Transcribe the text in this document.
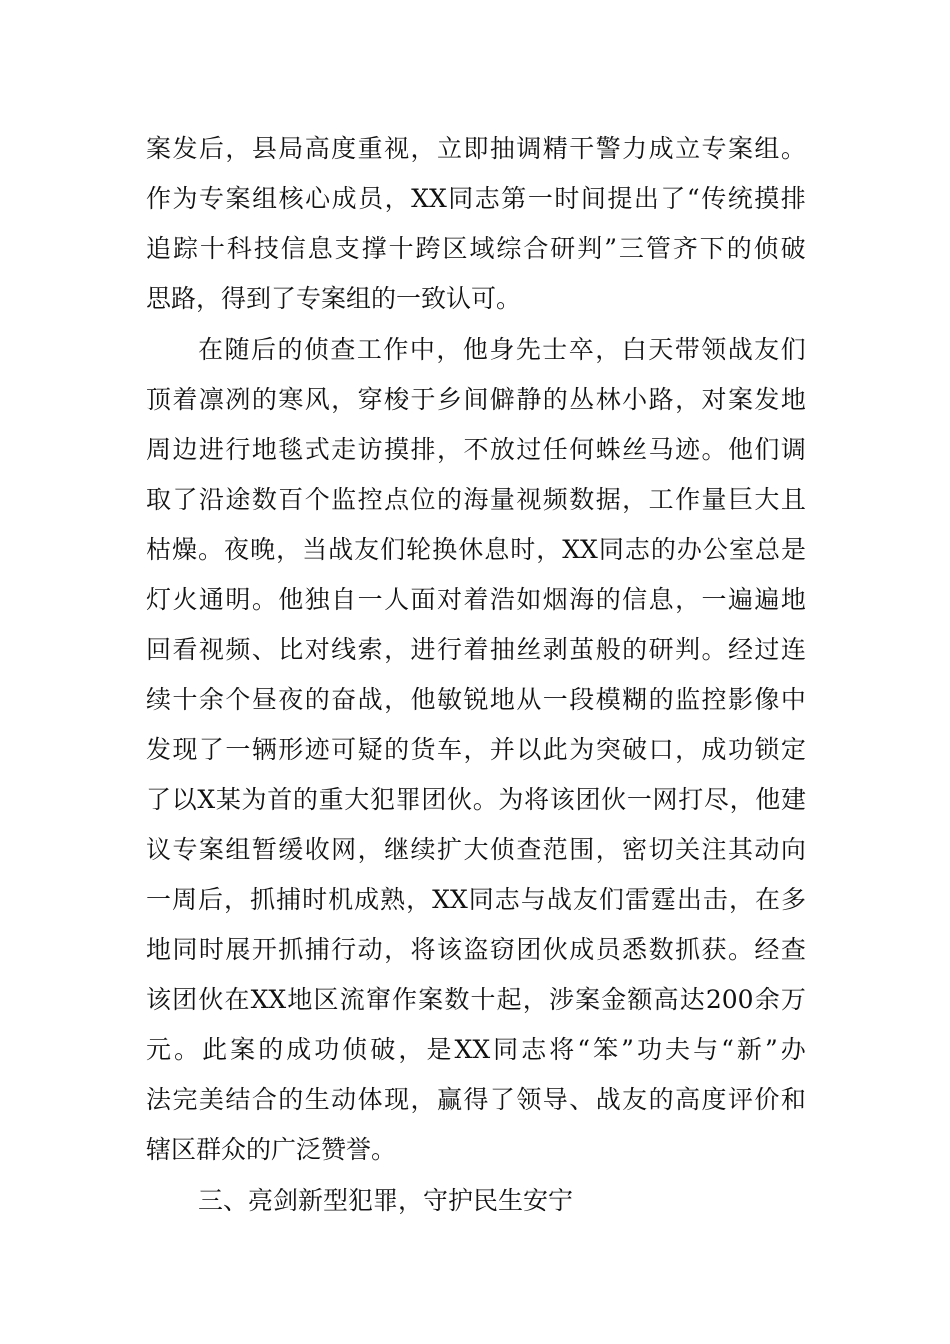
案 发 后 ， 县 局 高 度 重 视 ， 立 即 抽 调 精 干 警 力 成 立 专 案 组 。
作 为 专 案 组 核 心 成 员 ， XX 同 志 第 一 时 间 提 出 了 “ 传 统 摸 排
追 踪 十 科 技 信 息 支 撑 十 跨 区 域 综 合 研 判 ” 三 管 齐 下 的 侦 破
思路，得到了专案组的一致认可。
在 随 后 的 侦 查 工 作 中 ， 他 身 先 士 卒 ， 白 天 带 领 战 友 们
顶 着 凛 冽 的 寒 风 ， 穿 梭 于 乡 间 僻 静 的 丛 林 小 路 ， 对 案 发 地
周 边 进 行 地 毯 式 走 访 摸 排 ， 不 放 过 任 何 蛛 丝 马 迹 。 他 们 调
取 了 沿 途 数 百 个 监 控 点 位 的 海 量 视 频 数 据 ， 工 作 量 巨 大 且
枯 燥 。 夜 晚 ， 当 战 友 们 轮 换 休 息 时 ， XX 同 志 的 办 公 室 总 是
灯 火 通 明 。 他 独 自 一 人 面 对 着 浩 如 烟 海 的 信 息 ， 一 遍 遍 地
回 看 视 频 、 比 对 线 索 ， 进 行 着 抽 丝 剥 茧 般 的 研 判 。 经 过 连
续 十 余 个 昼 夜 的 奋 战 ， 他 敏 锐 地 从 一 段 模 糊 的 监 控 影 像 中
发 现 了 一 辆 形 迹 可 疑 的 货 车 ， 并 以 此 为 突 破 口 ， 成 功 锁 定
了 以 X 某 为 首 的 重 大 犯 罪 团 伙 。 为 将 该 团 伙 一 网 打 尽 ， 他 建
议 专 案 组 暂 缓 收 网 ， 继 续 扩 大 侦 查 范 围 ， 密 切 关 注 其 动 向
一 周 后 ， 抓 捕 时 机 成 熟 ， XX 同 志 与 战 友 们 雷 霆 出 击 ， 在 多
地 同 时 展 开 抓 捕 行 动 ， 将 该 盗 窃 团 伙 成 员 悉 数 抓 获 。 经 查
该 团 伙 在 XX 地 区 流 窜 作 案 数 十 起 ， 涉 案 金 额 高 达 200 余 万
元 。 此 案 的 成 功 侦 破 ， 是 XX 同 志 将 “ 笨 ” 功 夫 与 “ 新 ” 办
法 完 美 结 合 的 生 动 体 现 ， 赢 得 了 领 导 、 战 友 的 高 度 评 价 和
辖区群众的广泛赞誉。
三、亮剑新型犯罪，守护民生安宁
